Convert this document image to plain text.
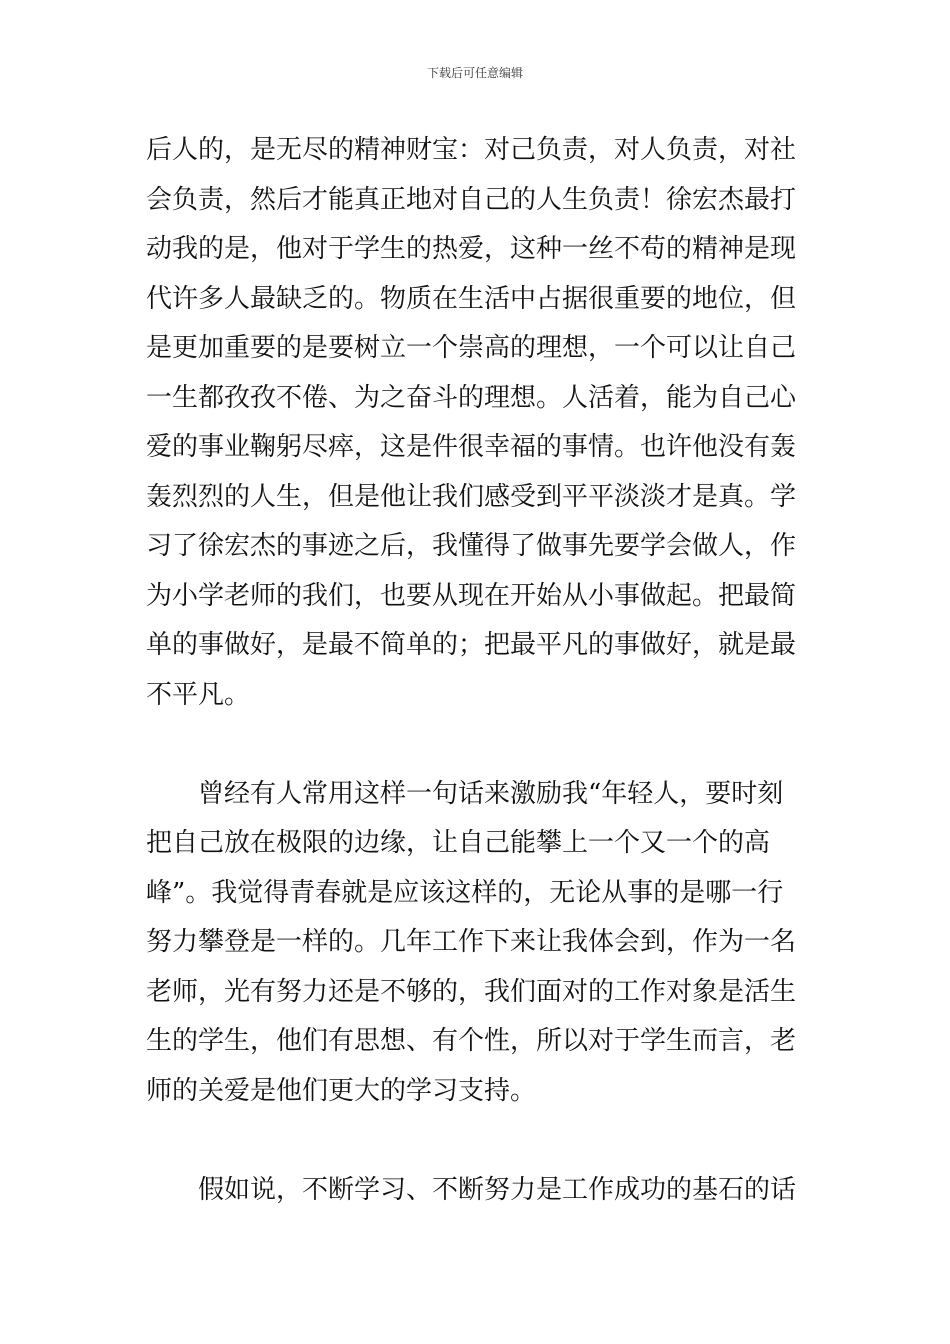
下载后可任意编辑
后人的，是无尽的精神财宝：对己负责，对人负责，对社
会负责，然后才能真正地对自己的人生负责！徐宏杰最打
动我的是，他对于学生的热爱，这种一丝不苟的精神是现
代许多人最缺乏的。物质在生活中占据很重要的地位，但
是更加重要的是要树立一个崇高的理想，一个可以让自己
一生都孜孜不倦、为之奋斗的理想。人活着，能为自己心
爱的事业鞠躬尽瘁，这是件很幸福的事情。也许他没有轰
轰烈烈的人生，但是他让我们感受到平平淡淡才是真。学
习了徐宏杰的事迹之后，我懂得了做事先要学会做人，作
为小学老师的我们，也要从现在开始从小事做起。把最简
单的事做好，是最不简单的；把最平凡的事做好，就是最
不平凡。
　　曾经有人常用这样一句话来激励我“年轻人，要时刻
把自己放在极限的边缘，让自己能攀上一个又一个的高
峰”。我觉得青春就是应该这样的，无论从事的是哪一行
努力攀登是一样的。几年工作下来让我体会到，作为一名
老师，光有努力还是不够的，我们面对的工作对象是活生
生的学生，他们有思想、有个性，所以对于学生而言，老
师的关爱是他们更大的学习支持。
　　假如说，不断学习、不断努力是工作成功的基石的话
